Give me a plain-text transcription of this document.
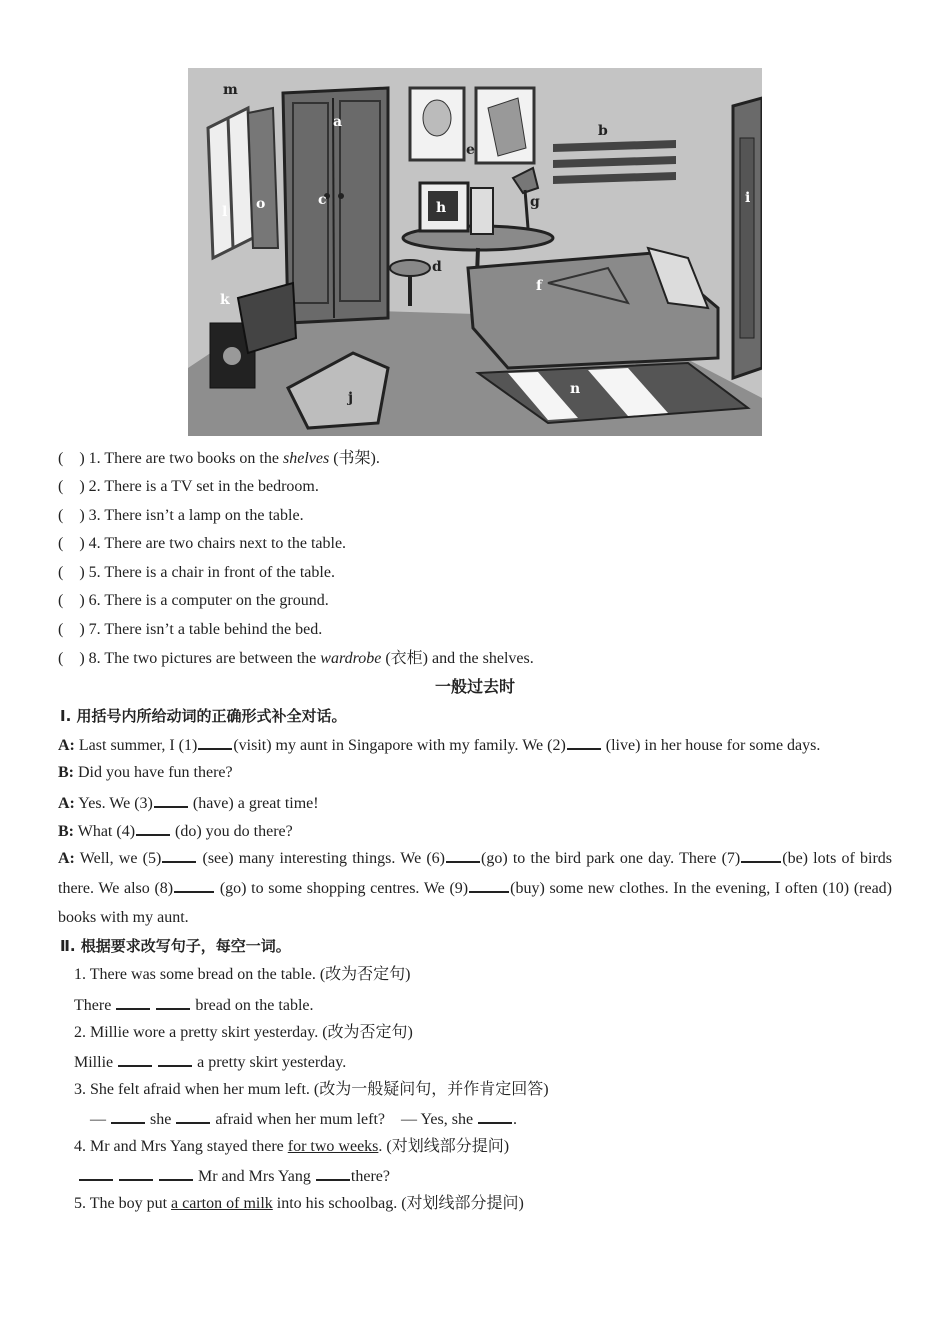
m
a
e
b
o	c	h	g
l
i
d
f
k
j
n
(    ) 1. There are two books on the shelves (书架).
(    ) 2. There is a TV set in the bedroom.
(    ) 3. There isn’t a lamp on the table.
(    ) 4. There are two chairs next to the table.
(    ) 5. There is a chair in front of the table.
(    ) 6. There is a computer on the ground.
(    ) 7. There isn’t a table behind the bed.
(    ) 8. The two pictures are between the wardrobe (衣柜) and the shelves.
一般过去时
Ⅰ. 用括号内所给动词的正确形式补全对话。
A: Last summer, I (1) (visit) my aunt in Singapore with my family. We (2) (live) in her house for some days.
B: Did you have fun there?
A: Yes. We (3) (have) a great time!
B: What (4) (do) you do there?
A: Well, we (5) (see) many interesting things. We (6) (go) to the bird park one day. There (7)	(be) lots of birds there. We also (8)	(go) to some shopping centres. We (9)	(buy) some new clothes. In the evening, I often (10) (read) books with my aunt.
Ⅱ. 根据要求改写句子，每空一词。
1. There was some bread on the table. (改为否定句)
There	bread on the table.
2. Millie wore a pretty skirt yesterday. (改为否定句)
Millie	a pretty skirt yesterday.
3. She felt afraid when her mum left. (改为一般疑问句，并作肯定回答)
—  she  afraid when her mum left?    — Yes, she .
4. Mr and Mrs Yang stayed there for two weeks. (对划线部分提问)
Mr and Mrs Yang there?
5. The boy put a carton of milk into his schoolbag. (对划线部分提问)
